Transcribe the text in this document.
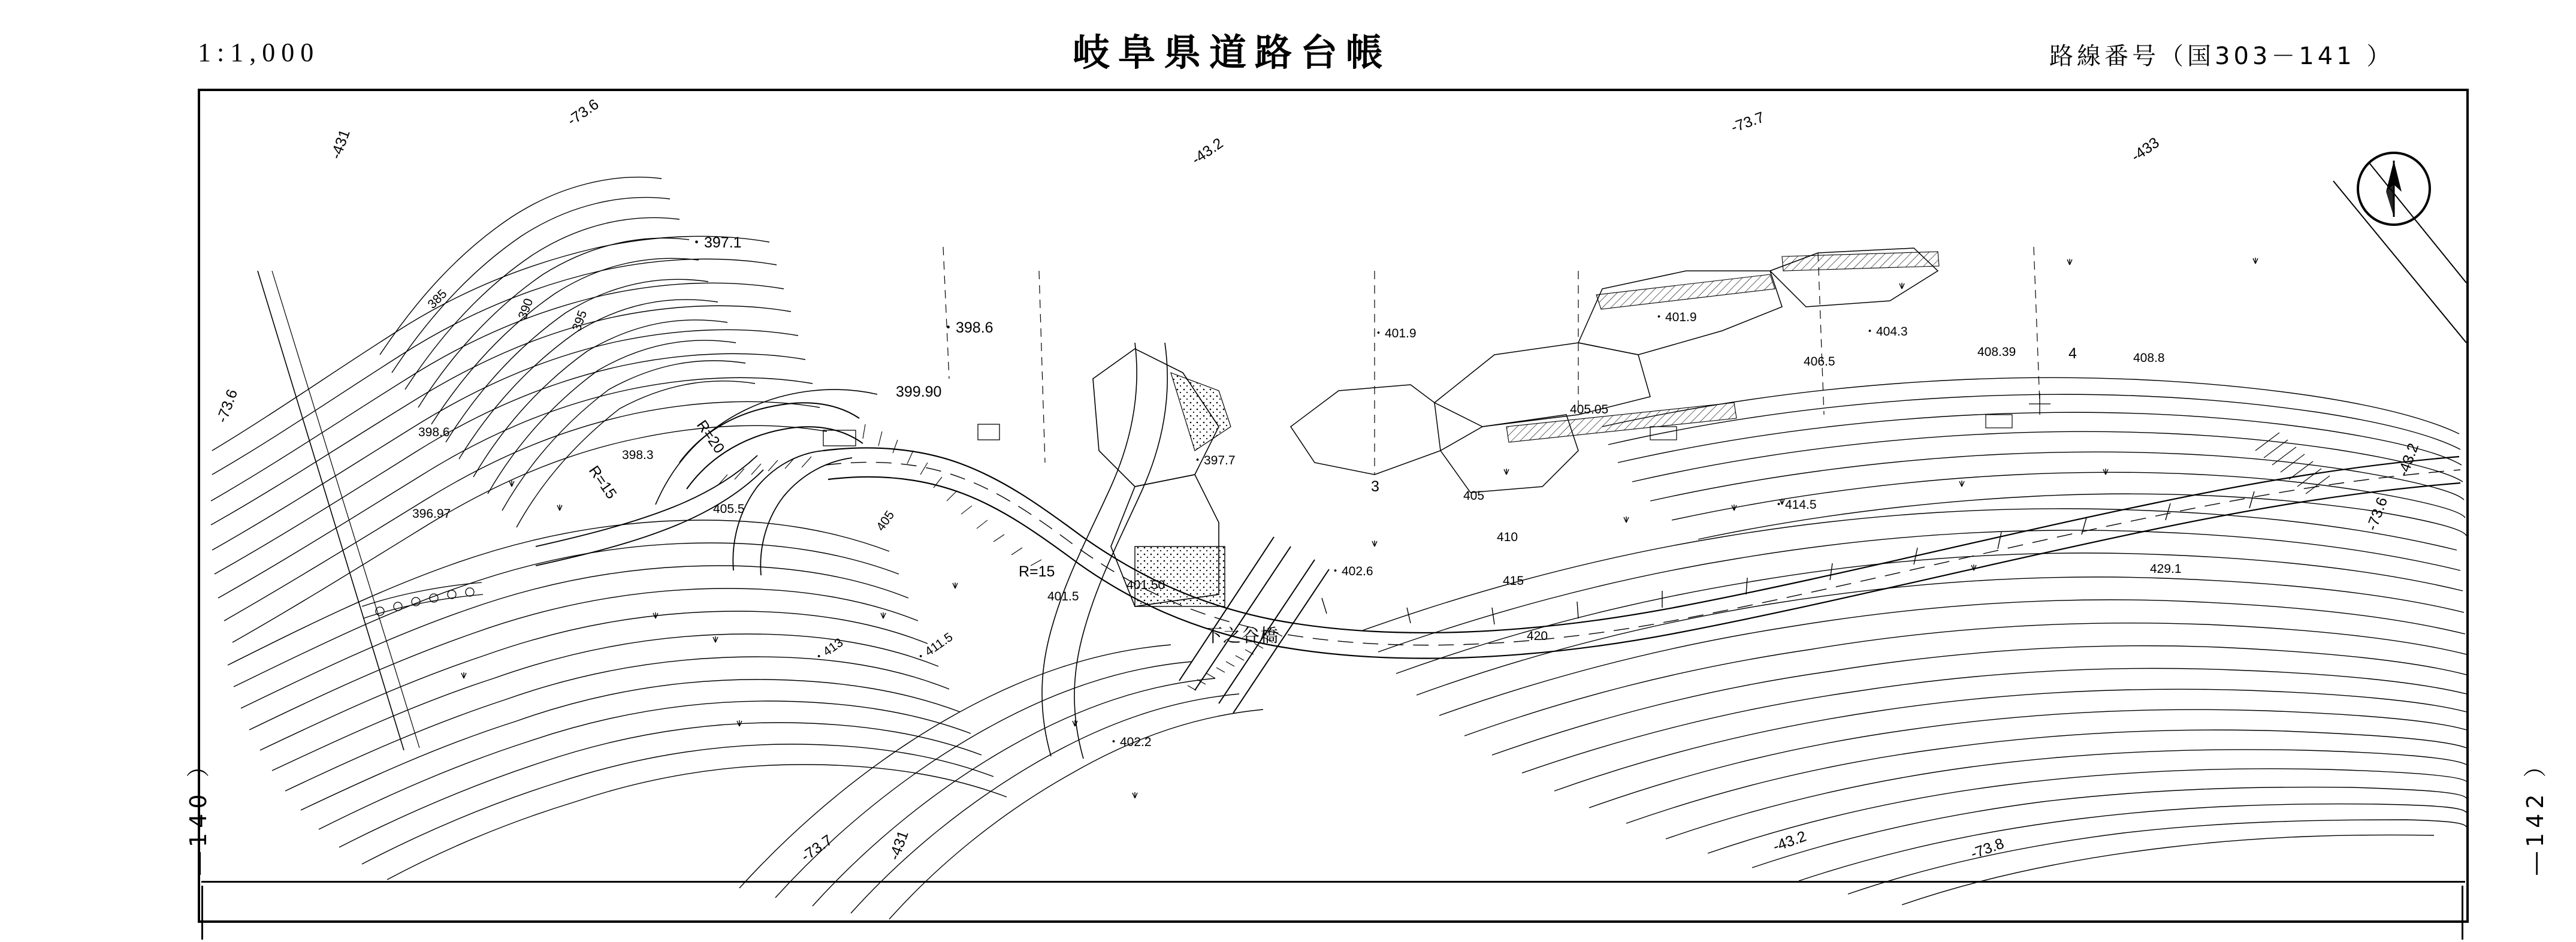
1:1,000	岐阜県道路台帳	路線番号（国303－141 ）
―140 ）	―142 ）
R=20
R=15
R=15
下之谷橋
・397.1
・398.6
399.90
398.3
396.97
398.6
・397.7
405.5
401.5
401.50
・402.6
・402.2
・401.9
・401.9
・404.3
405.05
406.5
408.39	408.8
・414.5
429.1
・413	・411.5
385	390	395
405
405
410
415
420
3
4
-431
-73.6
-43.2
-73.7
-433
-73.6
-43.2
-73.6
-73.7	-431	-43.2	-73.8
